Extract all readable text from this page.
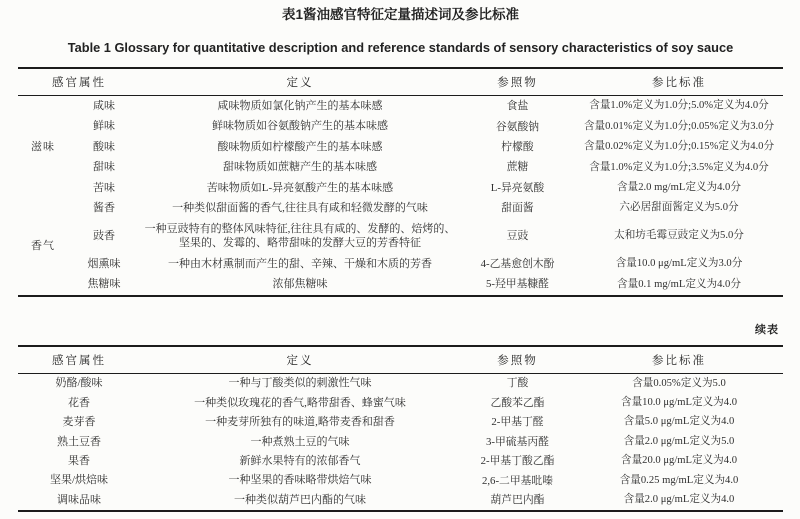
表1酱油感官特征定量描述词及参比标准
Table 1 Glossary for quantitative description and reference standards of sensory characteristics of soy sauce
感官属性		定义	参照物	参比标准
滋味	咸味	咸味物质如氯化钠产生的基本味感	食盐	含量1.0%定义为1.0分;5.0%定义为4.0分
	鲜味	鲜味物质如谷氨酸钠产生的基本味感	谷氨酸钠	含量0.01%定义为1.0分;0.05%定义为3.0分
	酸味	酸味物质如柠檬酸产生的基本味感	柠檬酸	含量0.02%定义为1.0分;0.15%定义为4.0分
	甜味	甜味物质如蔗糖产生的基本味感	蔗糖	含量1.0%定义为1.0分;3.5%定义为4.0分
	苦味	苦味物质如L-异亮氨酸产生的基本味感	L-异亮氨酸	含量2.0 mg/mL定义为4.0分
香气	酱香	一种类似甜面酱的香气,往往具有咸和轻微发酵的气味	甜面酱	六必居甜面酱定义为5.0分
	豉香	一种豆豉特有的整体风味特征,往往具有咸的、发酵的、焙烤的、坚果的、发霉的、略带甜味的发酵大豆的芳香特征	豆豉	太和坊毛霉豆豉定义为5.0分
	烟熏味	一种由木材熏制而产生的甜、辛辣、干燥和木质的芳香	4-乙基愈创木酚	含量10.0 μg/mL定义为3.0分
	焦糖味	浓郁焦糖味	5-羟甲基糠醛	含量0.1 mg/mL定义为4.0分
续表
感官属性	定义	参照物	参比标准
奶酪/酸味	一种与丁酸类似的刺激性气味	丁酸	含量0.05%定义为5.0
花香	一种类似玫瑰花的香气,略带甜香、蜂蜜气味	乙酸苯乙酯	含量10.0 μg/mL定义为4.0
麦芽香	一种麦芽所独有的味道,略带麦香和甜香	2-甲基丁醛	含量5.0 μg/mL定义为4.0
熟土豆香	一种煮熟土豆的气味	3-甲硫基丙醛	含量2.0 μg/mL定义为5.0
果香	新鲜水果特有的浓郁香气	2-甲基丁酸乙酯	含量20.0 μg/mL定义为4.0
坚果/烘焙味	一种坚果的香味略带烘焙气味	2,6-二甲基吡嗪	含量0.25 mg/mL定义为4.0
调味品味	一种类似葫芦巴内酯的气味	葫芦巴内酯	含量2.0 μg/mL定义为4.0
